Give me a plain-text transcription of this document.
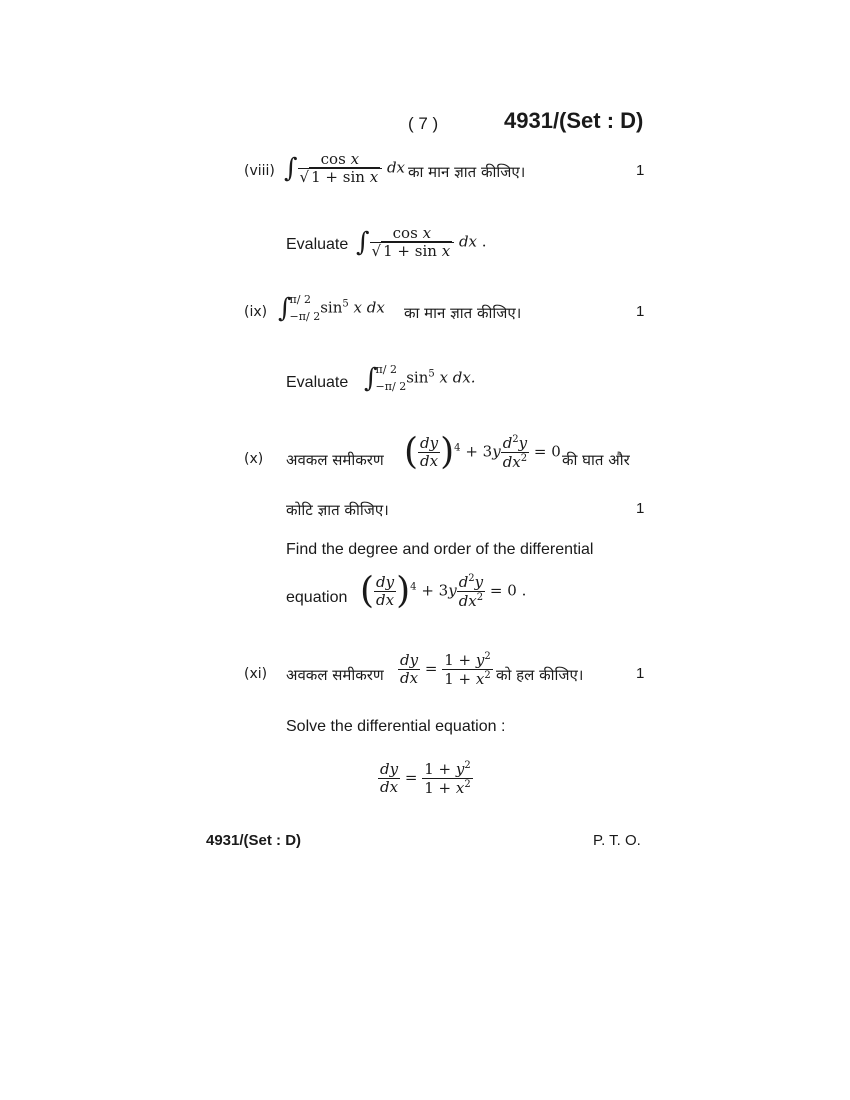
( 7 )	4931/(Set : D)
(viii) ∫ $\frac{\text{cos x}}{\text{√ 1 + sin x}}$ dx का मान ज्ञात कीजिए।	1
Evaluate ∫ $\frac{\text{cos x}}{\text{√ 1 + sin x}}$ dx .
(ix) ∫
π/ 2
−π/ 2 $\sin^5 x$ dx का मान ज्ञात कीजिए।	1
Evaluate ∫
π/ 2
−π/ 2 $\sin^5 x$ dx.
(x) अवकल समीकरण ( $\frac{dy}{dx} )^4 + 3y \frac{d^2y}{dx^2} = 0$ की घात और
कोटि ज्ञात कीजिए।	1
Find the degree and order of the differential
equation ( $\frac{dy}{dx} )^4 + 3y \frac{d^2y}{dx^2} = 0$ .
(xi) अवकल समीकरण $\frac{dy}{dx} = \frac{1 + y^2}{1 + x^2}$ को हल कीजिए।	1
Solve the differential equation :
$\frac{dy}{dx} = \frac{1 + y^2}{1 + x^2}$
4931/(Set : D)	P. T. O.
